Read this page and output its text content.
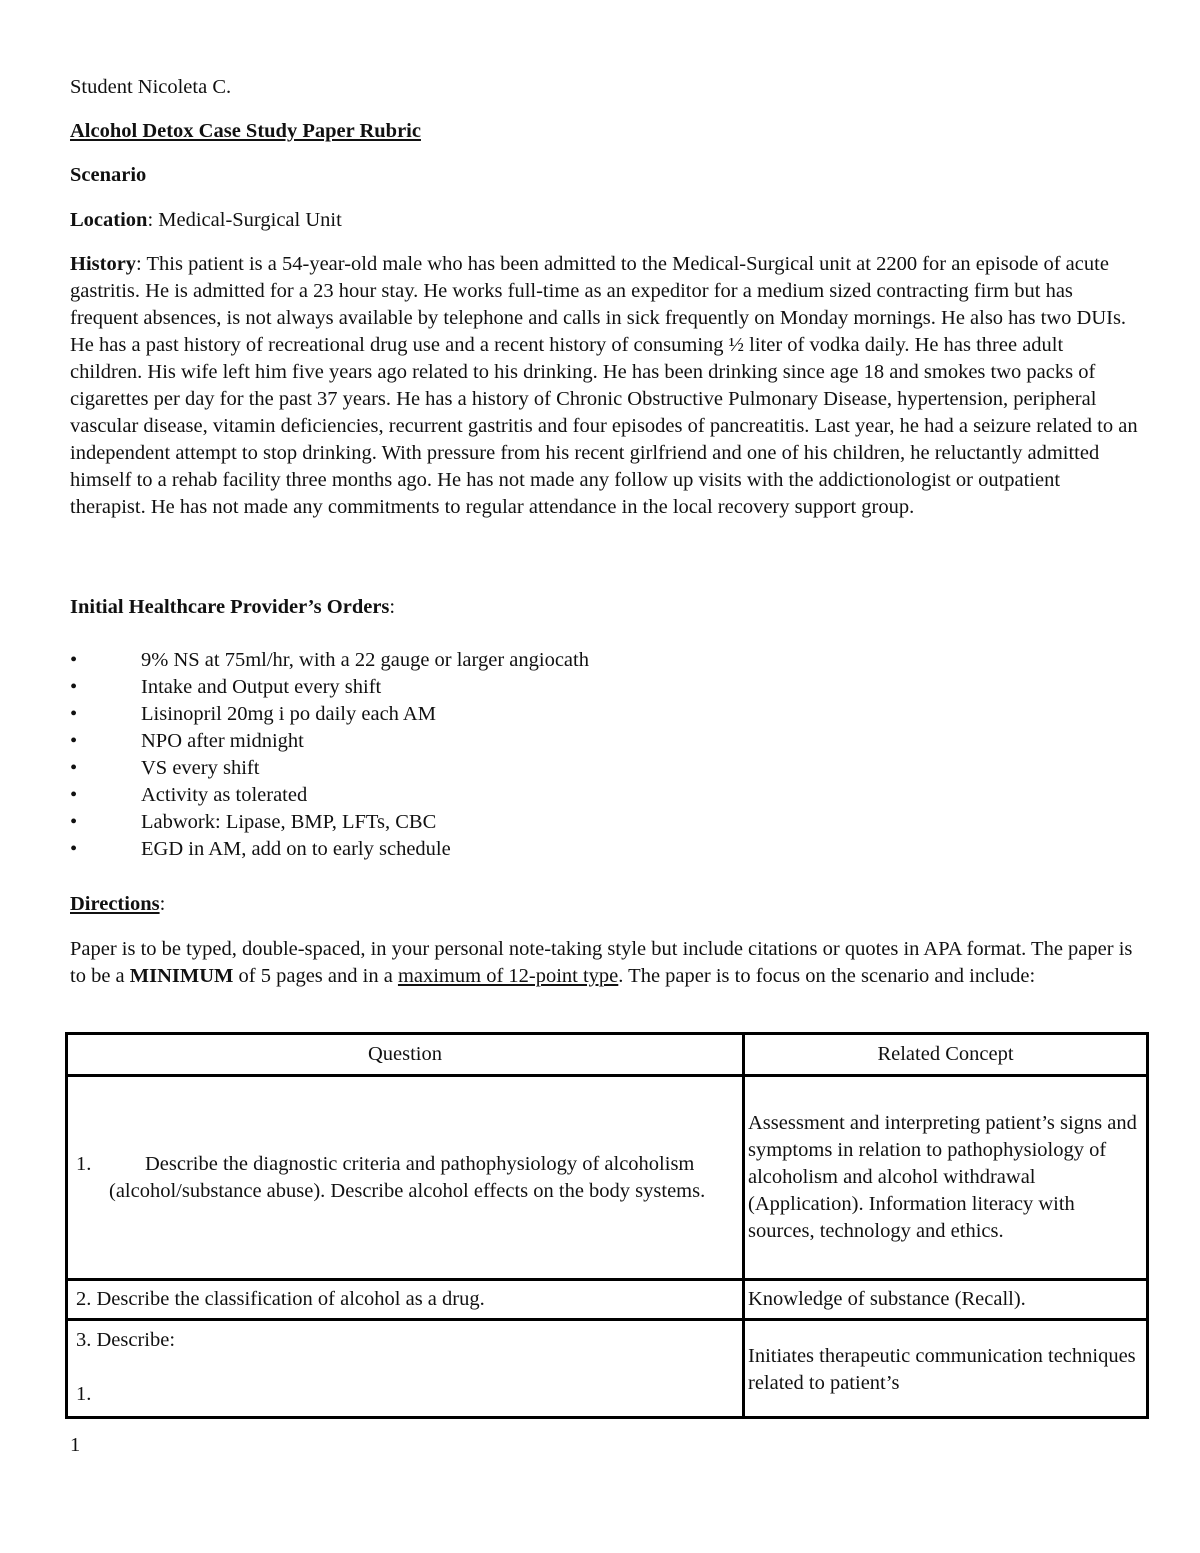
Student Nicoleta C.
Alcohol Detox Case Study Paper Rubric
Scenario
Location: Medical-Surgical Unit

History: This patient is a 54-year-old male who has been admitted to the Medical-Surgical unit at 2200 for an episode of acute gastritis. He is admitted for a 23 hour stay. He works full-time as an expeditor for a medium sized contracting firm but has frequent absences, is not always available by telephone and calls in sick frequently on Monday mornings. He also has two DUIs. He has a past history of recreational drug use and a recent history of consuming ½ liter of vodka daily. He has three adult children. His wife left him five years ago related to his drinking. He has been drinking since age 18 and smokes two packs of cigarettes per day for the past 37 years. He has a history of Chronic Obstructive Pulmonary Disease, hypertension, peripheral vascular disease, vitamin deficiencies, recurrent gastritis and four episodes of pancreatitis. Last year, he had a seizure related to an independent attempt to stop drinking. With pressure from his recent girlfriend and one of his children, he reluctantly admitted himself to a rehab facility three months ago. He has not made any follow up visits with the addictionologist or outpatient therapist. He has not made any commitments to regular attendance in the local recovery support group.

Initial Healthcare Provider’s Orders:
•	9% NS at 75ml/hr, with a 22 gauge or larger angiocath
•	Intake and Output every shift
•	Lisinopril 20mg i po daily each AM
•	NPO after midnight
•	VS every shift
•	Activity as tolerated
•	Labwork: Lipase, BMP, LFTs, CBC
•	EGD in AM, add on to early schedule
Directions:

Paper is to be typed, double-spaced, in your personal note-taking style but include citations or quotes in APA format. The paper is to be a MINIMUM of 5 pages and in a maximum of 12-point type. The paper is to focus on the scenario and include:

Question	Related Concept

1. Describe the diagnostic criteria and pathophysiology of alcoholism (alcohol/substance abuse). Describe alcohol effects on the body systems.	Assessment and interpreting patient’s signs and symptoms in relation to pathophysiology of alcoholism and alcohol withdrawal (Application). Information literacy with sources, technology and ethics.
2. Describe the classification of alcohol as a drug.	Knowledge of substance (Recall).

3. Describe:

1.	Initiates therapeutic communication techniques related to patient’s
1
